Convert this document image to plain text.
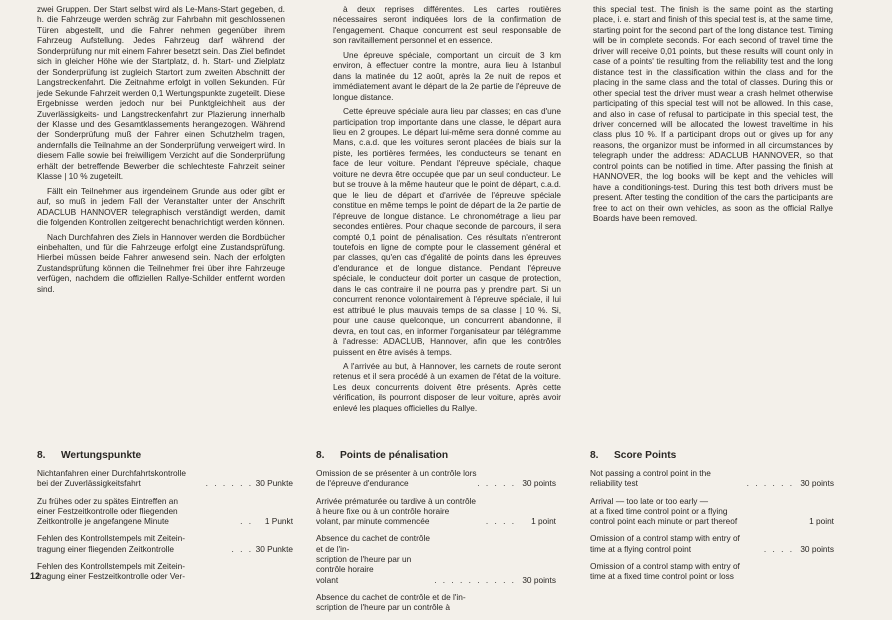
zwei Gruppen. Der Start selbst wird als Le-Mans-Start gegeben, d. h. die Fahrzeuge werden schräg zur Fahrbahn mit geschlossenen Türen abgestellt, und die Fahrer nehmen gegenüber ihrem Fahrzeug Aufstellung. Jedes Fahrzeug darf während der Sonderprüfung nur mit einem Fahrer besetzt sein. Das Ziel befindet sich in gleicher Höhe wie der Startplatz, d. h. Start- und Zielplatz der Sonderprüfung ist zugleich Startort zum zweiten Abschnitt der Langstreckenfahrt. Die Zeitnahme erfolgt in vollen Sekunden. Für jede Sekunde Fahrzeit werden 0,1 Wertungspunkte zugeteilt. Diese Ergebnisse werden jedoch nur bei Punktgleichheit aus der Zuverlässigkeits- und Langstreckenfahrt zur Plazierung innerhalb der Klasse und des Gesamtklassements herangezogen. Während der Sonderprüfung muß der Fahrer einen Schutzhelm tragen, andernfalls die Teilnahme an der Sonderprüfung verweigert wird. In diesem Falle sowie bei freiwilligem Verzicht auf die Sonderprüfung erhält der betreffende Bewerber die schlechteste Fahrzeit seiner Klasse | 10 % zugeteilt.

Fällt ein Teilnehmer aus irgendeinem Grunde aus oder gibt er auf, so muß in jedem Fall der Veranstalter unter der Anschrift ADACLUB HANNOVER telegraphisch verständigt werden, damit die folgenden Kontrollen zeitgerecht benachrichtigt werden können.

Nach Durchfahren des Ziels in Hannover werden die Bordbücher einbehalten, und für die Fahrzeuge erfolgt eine Zustandsprüfung. Hierbei müssen beide Fahrer anwesend sein. Nach der erfolgten Zustandsprüfung können die Teilnehmer frei über ihre Fahrzeuge verfügen, nachdem die offiziellen Rallye-Schilder entfernt worden sind.

à deux reprises différentes. Les cartes routières nécessaires seront indiquées lors de la confirmation de l'engagement. Chaque concurrent est seul responsable de son ravitaillement personnel et en essence.

Une épreuve spéciale, comportant un circuit de 3 km environ, à effectuer contre la montre, aura lieu à Istanbul dans la matinée du 12 août, après la 2e nuit de repos et immédiatement avant le départ de la 2e partie de l'épreuve de longue distance.

Cette épreuve spéciale aura lieu par classes; en cas d'une participation trop importante dans une classe, le départ aura lieu en 2 groupes. Le départ lui-même sera donné comme au Mans, c.a.d. que les voitures seront placées de biais sur la piste, les portières fermées, les conducteurs se tenant en face de leur voiture. Pendant l'épreuve spéciale, chaque voiture ne devra être occupée que par un seul conducteur. Le but se trouve à la même hauteur que le point de départ, c.a.d. que le lieu de départ et d'arrivée de l'épreuve spéciale constitue en même temps le point de départ de la 2e partie de l'épreuve de longue distance. Le chronométrage a lieu par secondes entières. Pour chaque seconde de parcours, il sera compté 0,1 point de pénalisation. Ces résultats n'entreront toutefois en ligne de compte pour le classement général et par classes, qu'en cas d'égalité de points dans les épreuves d'endurance et de longue distance. Pendant l'épreuve spéciale, le conducteur doit porter un casque de protection, dans le cas contraire il ne pourra pas y prendre part. Si un concurrent renonce volontairement à l'épreuve spéciale, il lui est attribué le plus mauvais temps de sa classe | 10 %. Si, pour une cause quelconque, un concurrent abandonne, il devra, en tout cas, en informer l'organisateur par télégramme à l'adresse: ADACLUB, Hannover, afin que les contrôles puissent en être avisés à temps.

A l'arrivée au but, à Hannover, les carnets de route seront retenus et il sera procédé à un examen de l'état de la voiture. Les deux concurrents doivent être présents. Après cette vérification, ils pourront disposer de leur voiture, après avoir enlevé les plaques officielles du Rallye.

this special test. The finish is the same point as the starting place, i. e. start and finish of this special test is, at the same time, starting point for the second part of the long distance test. Timing will be in complete seconds. For each second of travel time the driver will receive 0,01 points, but these results will count only in case of a points' tie resulting from the reliability test and the long distance test in the classification within the class and for the placing in the same class and the total of classes. During this or other special test the driver must wear a crash helmet otherwise participating of this special test will not be allowed. In this case, and also in case of refusal to participate in this special test, the driver concerned will be allocated the lowest traveltime in his class plus 10 %. If a participant drops out or gives up for any reasons, the organizor must be informed in all circumstances by telegraph under the address: ADACLUB HANNOVER, so that control points can be notified in time. After passing the finish at HANNOVER, the log books will be kept and the vehicles will have a conditionings-test. During this test both drivers must be present. After testing the condition of the cars the participants are free to act on their own vehicles, as soon as the official Rallye Boards have been removed.

8. Wertungspunkte
Nichtanfahren einer Durchfahrtskontrolle
bei der Zuverlässigkeitsfahrt	. . . . . . 30 Punkte
Zu frühes oder zu spätes Eintreffen an
einer Festzeitkontrolle oder fliegenden
Zeitkontrolle je angefangene Minute	. .	1 Punkt
Fehlen des Kontrollstempels mit Zeitein-
tragung einer fliegenden Zeitkontrolle	. . . 30 Punkte
Fehlen des Kontrollstempels mit Zeitein-
tragung einer Festzeitkontrolle oder Ver-
8. Points de pénalisation
Omission de se présenter à un contrôle lors
de l'épreuve d'endurance	. . . . . 30 points
Arrivée prématurée ou tardive à un contrôle
à heure fixe ou à un contrôle horaire
volant, par minute commencée	. . . .	1 point
Absence du cachet de contrôle et de l'in-
scription de l'heure par un contrôle horaire
volant	. . . . . . . . . . 30 points
Absence du cachet de contrôle et de l'in-
scription de l'heure par un contrôle à
8. Score Points
Not passing a control point in the
reliability test	. . . . . . 30 points
Arrival — too late or too early —
at a fixed time control point or a flying
control point each minute or part thereof	1 point
Omission of a control stamp with entry of
time at a flying control point	. . . . 30 points
Omission of a control stamp with entry of
time at a fixed time control point or loss
12
